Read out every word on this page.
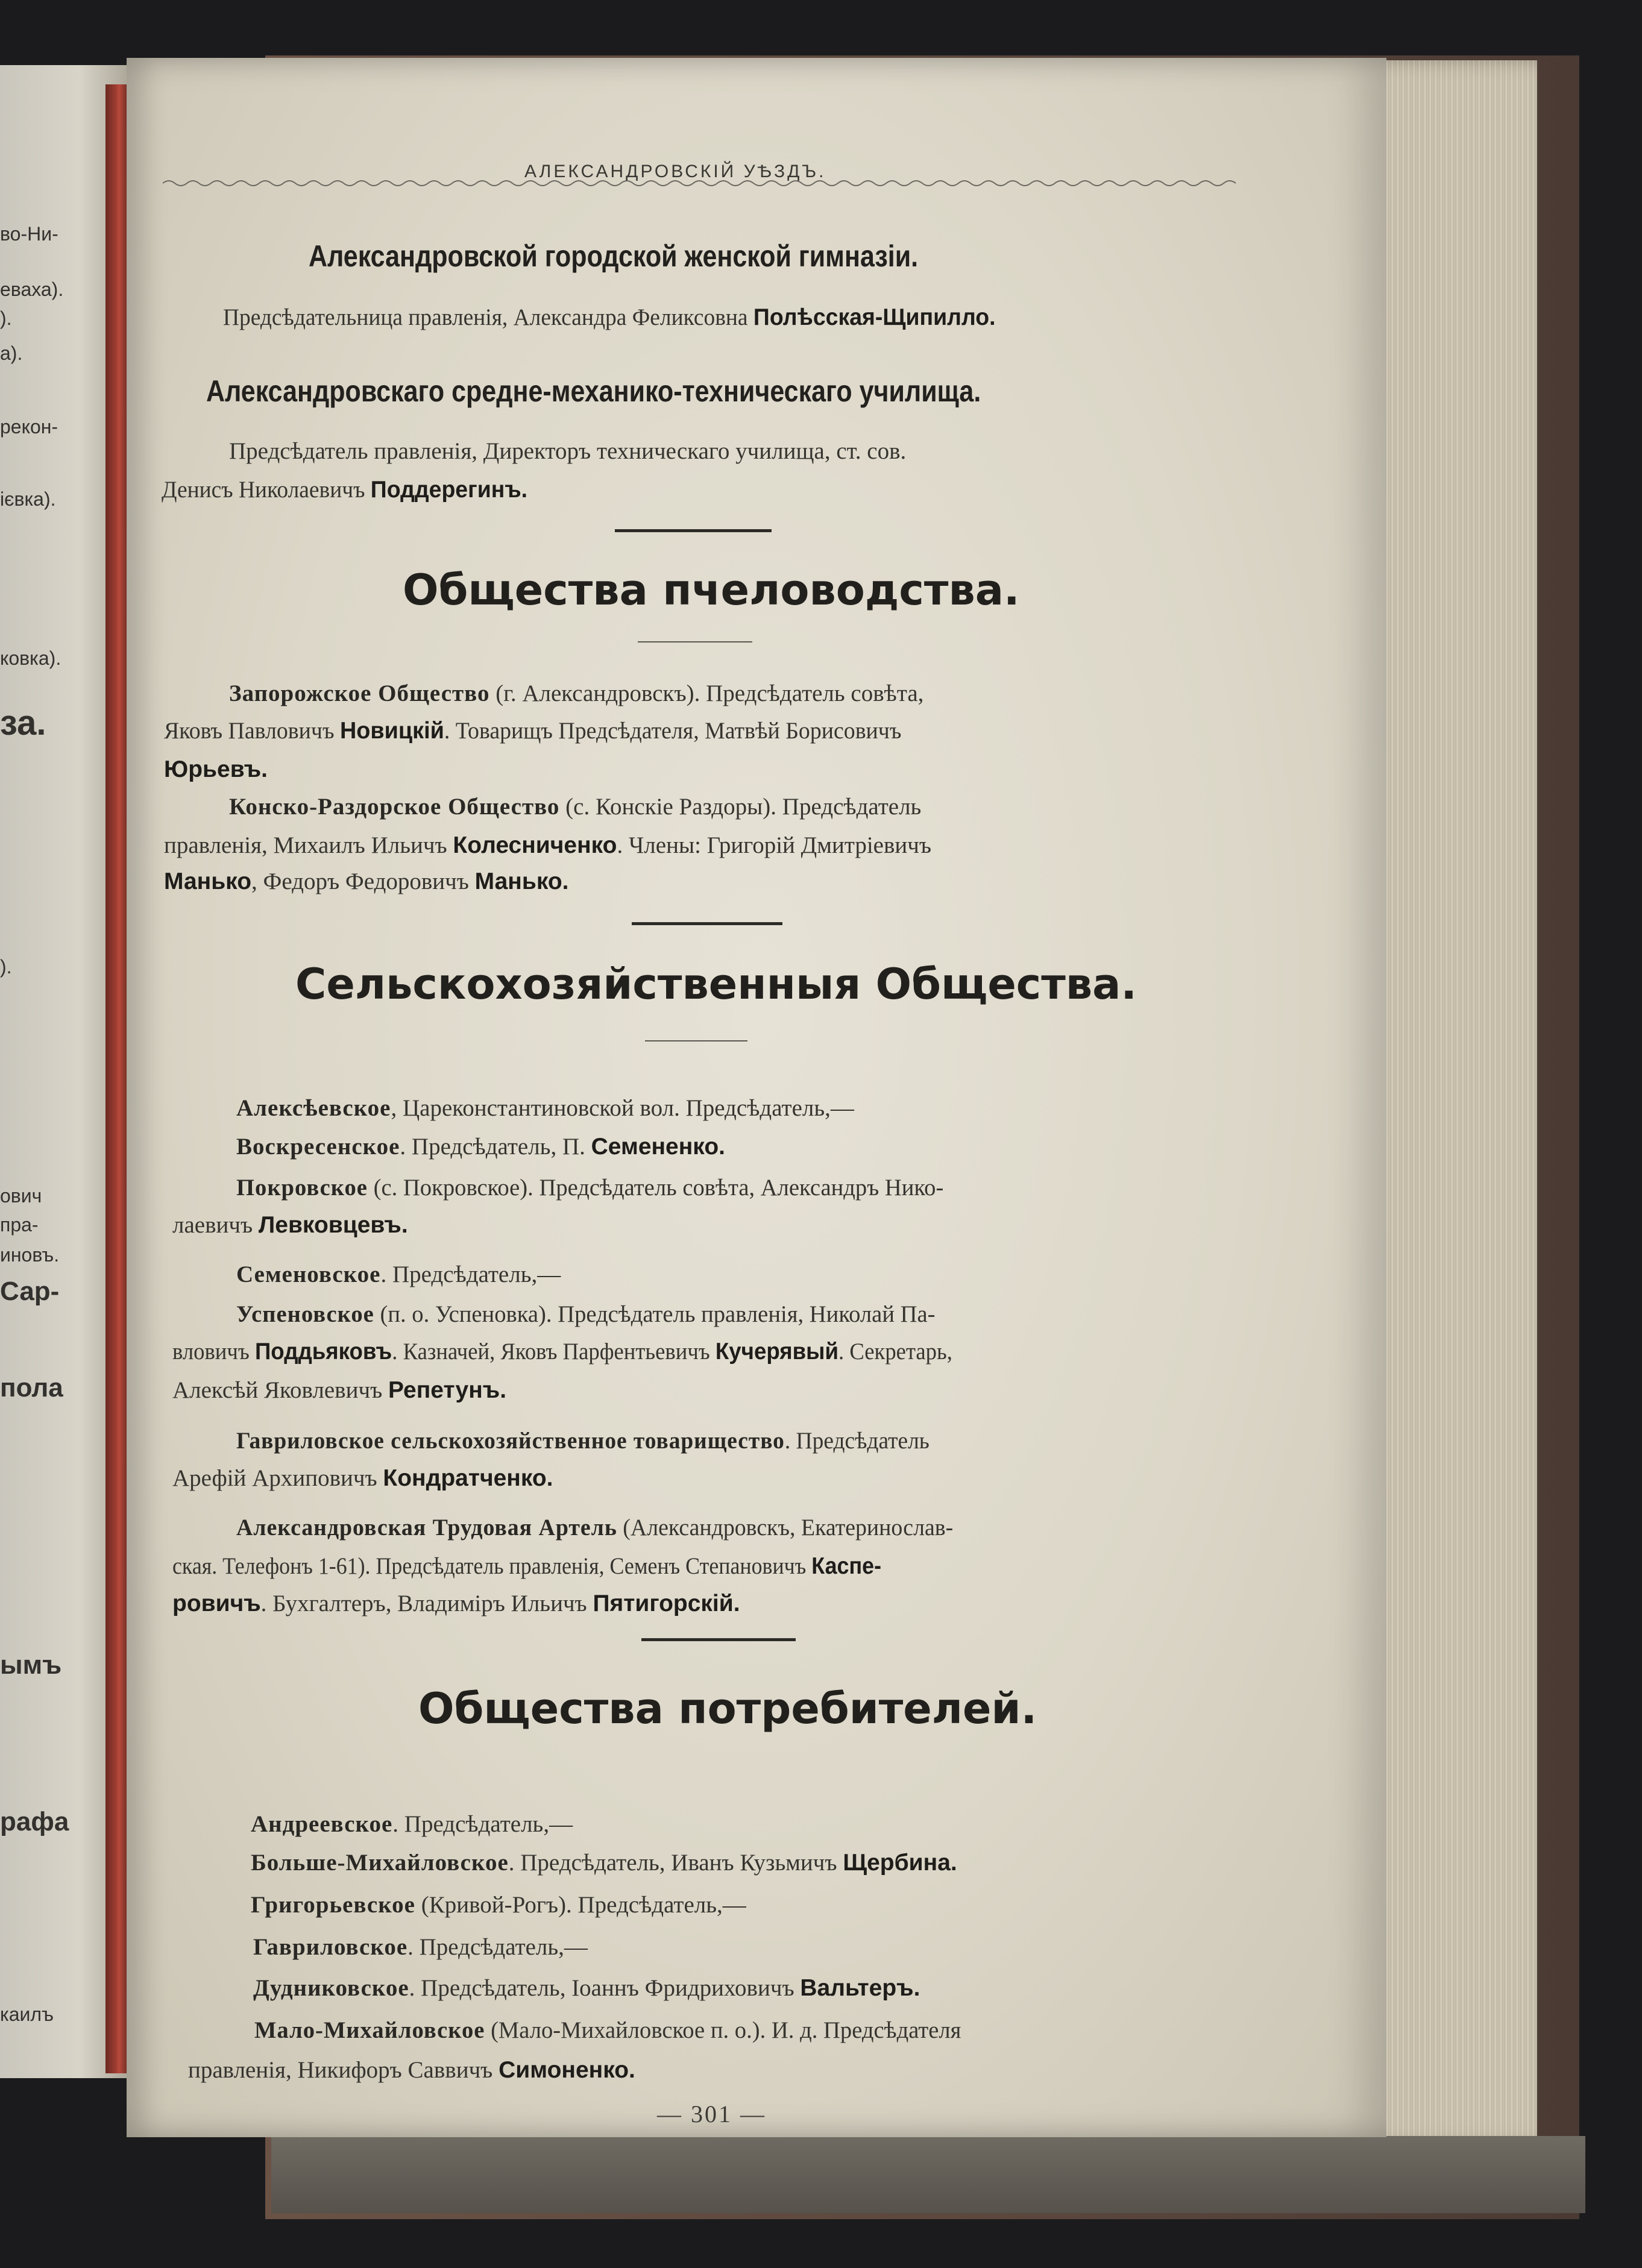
во-Ни-
еваха).
).
а).
рекон-
ієвка).
ковка).
за.
).
ович
пра-
иновъ.
Сар-
пола
ымъ
рафа
каилъ

АЛЕКСАНДРОВСКІЙ УѢЗДЪ.

Александровской городской женской гимназіи.

Предсѣдательница правленія, Александра Феликсовна Полѣсская-Щипилло.

Александровскаго средне-механико-техническаго училища.

Предсѣдатель правленія, Директоръ техническаго училища, ст. сов.

Денисъ Николаевичъ Поддерегинъ.

Общества пчеловодства.

Запорожское Общество (г. Александровскъ). Предсѣдатель совѣта,

Яковъ Павловичъ Новицкій. Товарищъ Предсѣдателя, Матвѣй Борисовичъ

Юрьевъ.

Конско-Раздорское Общество (с. Конскіе Раздоры). Предсѣдатель

правленія, Михаилъ Ильичъ Колесниченко. Члены: Григорій Дмитріевичъ

Манько, Федоръ Федоровичъ Манько.

Сельскохозяйственныя Общества.

Алексѣевское, Цареконстантиновской вол. Предсѣдатель,—

Воскресенское. Предсѣдатель, П. Семененко.

Покровское (с. Покровское). Предсѣдатель совѣта, Александръ Нико-

лаевичъ Левковцевъ.

Семеновское. Предсѣдатель,—

Успеновское (п. о. Успеновка). Предсѣдатель правленія, Николай Па-

вловичъ Поддьяковъ. Казначей, Яковъ Парфентьевичъ Кучерявый. Секретарь,

Алексѣй Яковлевичъ Репетунъ.

Гавриловское сельскохозяйственное товарищество. Предсѣдатель

Арефій Архиповичъ Кондратченко.

Александровская Трудовая Артель (Александровскъ, Екатеринослав-

ская. Телефонъ 1-61). Предсѣдатель правленія, Семенъ Степановичъ Каспе-

ровичъ. Бухгалтеръ, Владиміръ Ильичъ Пятигорскій.

Общества потребителей.

Андреевское. Предсѣдатель,—

Больше-Михайловское. Предсѣдатель, Иванъ Кузьмичъ Щербина.

Григорьевское (Кривой-Рогъ). Предсѣдатель,—

Гавриловское. Предсѣдатель,—

Дудниковское. Предсѣдатель, Іоаннъ Фридриховичъ Вальтеръ.

Мало-Михайловское (Мало-Михайловское п. о.). И. д. Предсѣдателя

правленія, Никифоръ Саввичъ Симоненко.

— 301 —
